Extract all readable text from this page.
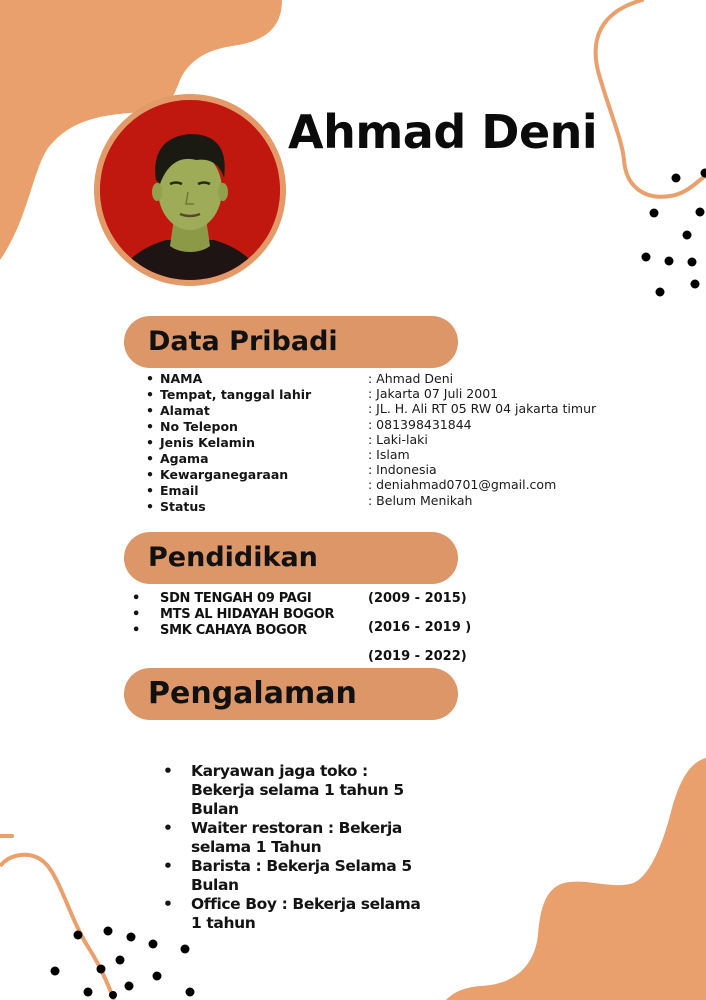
Ahmad Deni
Data Pribadi
• NAMA
• Tempat, tanggal lahir
• Alamat
• No Telepon
• Jenis Kelamin
• Agama
• Kewarganegaraan
• Email
• Status
: Ahmad Deni
: Jakarta 07 Juli 2001
: JL. H. Ali RT 05 RW 04 jakarta timur
: 081398431844
: Laki-laki
: Islam
: Indonesia
: deniahmad0701@gmail.com
: Belum Menikah
Pendidikan
• SDN TENGAH 09 PAGI
• MTS AL HIDAYAH BOGOR
• SMK CAHAYA BOGOR
(2009 - 2015)
(2016 - 2019 )
(2019 - 2022)
Pengalaman
• Karyawan jaga toko : Bekerja selama 1 tahun 5 Bulan
• Waiter restoran : Bekerja selama 1 Tahun
• Barista : Bekerja Selama 5 Bulan
• Office Boy : Bekerja selama 1 tahun
